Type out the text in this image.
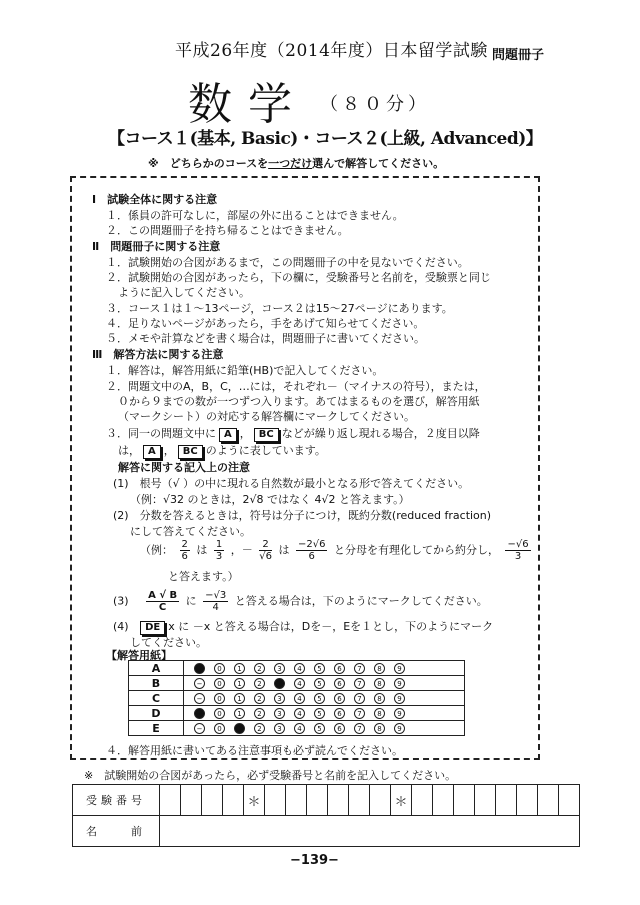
平成26年度（2014年度）日本留学試験 問題冊子
数学 （８０分）
【コース１(基本, Basic)・コース２(上級, Advanced)】
※　どちらかのコースを一つだけ選んで解答してください。
Ⅰ　試験全体に関する注意
１．係員の許可なしに，部屋の外に出ることはできません。
２．この問題冊子を持ち帰ることはできません。
Ⅱ　問題冊子に関する注意
１．試験開始の合図があるまで，この問題冊子の中を見ないでください。
２．試験開始の合図があったら，下の欄に，受験番号と名前を，受験票と同じ
ように記入してください。
３．コース１は１～13ページ，コース２は15～27ページにあります。
４．足りないページがあったら，手をあげて知らせてください。
５．メモや計算などを書く場合は，問題冊子に書いてください。
Ⅲ　解答方法に関する注意
１．解答は，解答用紙に鉛筆(HB)で記入してください。
２．問題文中のA，B，C，…には，それぞれ－（マイナスの符号），または，
０から９までの数が一つずつ入ります。あてはまるものを選び，解答用紙
（マークシート）の対応する解答欄にマークしてください。
３．同一の問題文中に A ， BC などが繰り返し現れる場合，２度目以降
は， A ， BC のように表しています。
解答に関する記入上の注意
(1)　根号（√ ）の中に現れる自然数が最小となる形で答えてください。
（例：√32 のときは，2√8 ではなく 4√2 と答えます。）
(2)　分数を答えるときは，符号は分子につけ，既約分数(reduced fraction)
にして答えてください。
（例： $\frac{2}{6}$ は $\frac{1}{3}$ ，－ $\frac{2}{√6}$ は $\frac{-2√6}{6}$ と分母を有理化してから約分し， $\frac{-√6}{3}$
と答えます。）
$(3) \frac{A √ B}{C}$ に $\frac{-√3}{4}$ と答える場合は，下のようにマークしてください。
(4) DE x に －x と答える場合は，Dを－，Eを１とし，下のようにマーク
してください。
【解答用紙】
A	− 0 1 2 3 4 5 6 7 8 9
B	− 0 1 2 3 4 5 6 7 8 9
C	− 0 1 2 3 4 5 6 7 8 9
D	− 0 1 2 3 4 5 6 7 8 9
E	− 0 1 2 3 4 5 6 7 8 9
４．解答用紙に書いてある注意事項も必ず読んでください。
※　試験開始の合図があったら，必ず受験番号と名前を記入してください。
受験番号					＊							＊								
名　　前																				
−139−
